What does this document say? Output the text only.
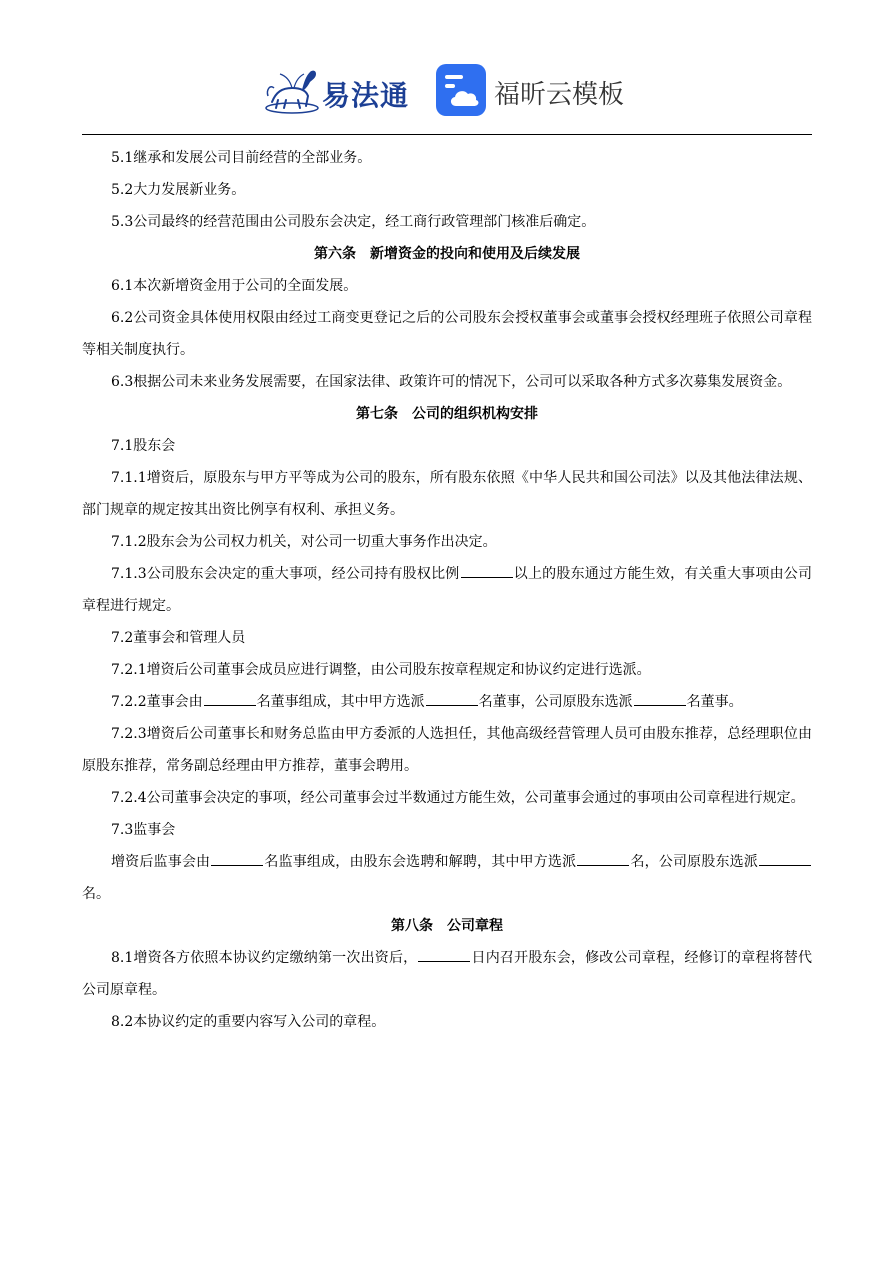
易法通	福昕云模板

5.1继承和发展公司目前经营的全部业务。

5.2大力发展新业务。

5.3公司最终的经营范围由公司股东会决定，经工商行政管理部门核准后确定。

第六条　新增资金的投向和使用及后续发展

6.1本次新增资金用于公司的全面发展。

6.2公司资金具体使用权限由经过工商变更登记之后的公司股东会授权董事会或董事会授权经理班子依照公司章程等相关制度执行。

6.3根据公司未来业务发展需要，在国家法律、政策许可的情况下，公司可以采取各种方式多次募集发展资金。

第七条　公司的组织机构安排

7.1股东会

7.1.1增资后，原股东与甲方平等成为公司的股东，所有股东依照《中华人民共和国公司法》以及其他法律法规、部门规章的规定按其出资比例享有权利、承担义务。

7.1.2股东会为公司权力机关，对公司一切重大事务作出决定。

7.1.3公司股东会决定的重大事项，经公司持有股权比例	以上的股东通过方能生效，有关重大事项由公司章程进行规定。

7.2董事会和管理人员

7.2.1增资后公司董事会成员应进行调整，由公司股东按章程规定和协议约定进行选派。

7.2.2董事会由	名董事组成，其中甲方选派	名董事，公司原股东选派	名董事。

7.2.3增资后公司董事长和财务总监由甲方委派的人选担任，其他高级经营管理人员可由股东推荐，总经理职位由原股东推荐，常务副总经理由甲方推荐，董事会聘用。

7.2.4公司董事会决定的事项，经公司董事会过半数通过方能生效，公司董事会通过的事项由公司章程进行规定。

7.3监事会

增资后监事会由	名监事组成，由股东会选聘和解聘，其中甲方选派	名，公司原股东选派名。

第八条　公司章程

8.1增资各方依照本协议约定缴纳第一次出资后，	日内召开股东会，修改公司章程，经修订的章程将替代公司原章程。

8.2本协议约定的重要内容写入公司的章程。
